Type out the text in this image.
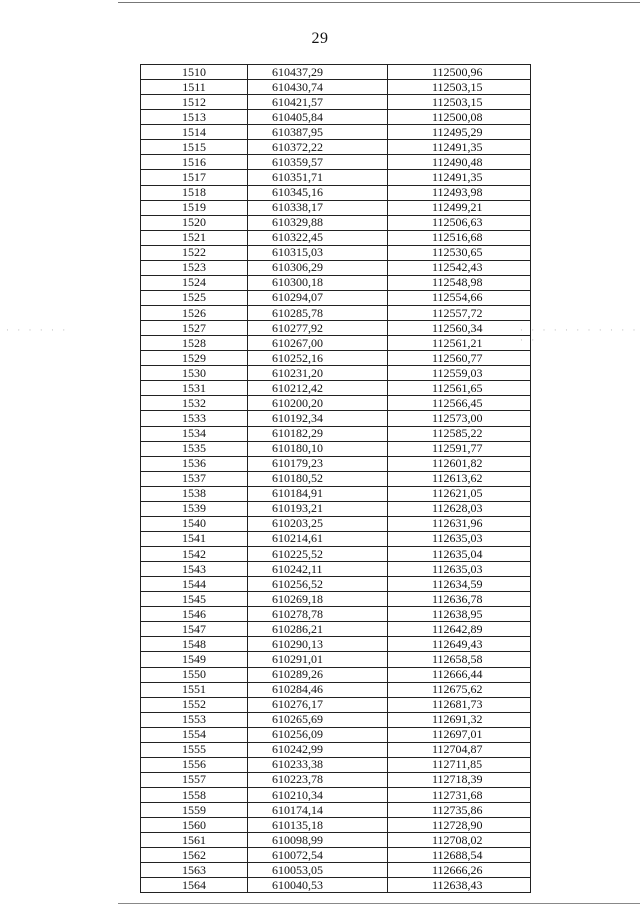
29
· · · · · ·	· · · · · · · · · · · · ·
1510	610437,29	112500,96
1511	610430,74	112503,15
1512	610421,57	112503,15
1513	610405,84	112500,08
1514	610387,95	112495,29
1515	610372,22	112491,35
1516	610359,57	112490,48
1517	610351,71	112491,35
1518	610345,16	112493,98
1519	610338,17	112499,21
1520	610329,88	112506,63
1521	610322,45	112516,68
1522	610315,03	112530,65
1523	610306,29	112542,43
1524	610300,18	112548,98
1525	610294,07	112554,66
1526	610285,78	112557,72
1527	610277,92	112560,34
1528	610267,00	112561,21
1529	610252,16	112560,77
1530	610231,20	112559,03
1531	610212,42	112561,65
1532	610200,20	112566,45
1533	610192,34	112573,00
1534	610182,29	112585,22
1535	610180,10	112591,77
1536	610179,23	112601,82
1537	610180,52	112613,62
1538	610184,91	112621,05
1539	610193,21	112628,03
1540	610203,25	112631,96
1541	610214,61	112635,03
1542	610225,52	112635,04
1543	610242,11	112635,03
1544	610256,52	112634,59
1545	610269,18	112636,78
1546	610278,78	112638,95
1547	610286,21	112642,89
1548	610290,13	112649,43
1549	610291,01	112658,58
1550	610289,26	112666,44
1551	610284,46	112675,62
1552	610276,17	112681,73
1553	610265,69	112691,32
1554	610256,09	112697,01
1555	610242,99	112704,87
1556	610233,38	112711,85
1557	610223,78	112718,39
1558	610210,34	112731,68
1559	610174,14	112735,86
1560	610135,18	112728,90
1561	610098,99	112708,02
1562	610072,54	112688,54
1563	610053,05	112666,26
1564	610040,53	112638,43
